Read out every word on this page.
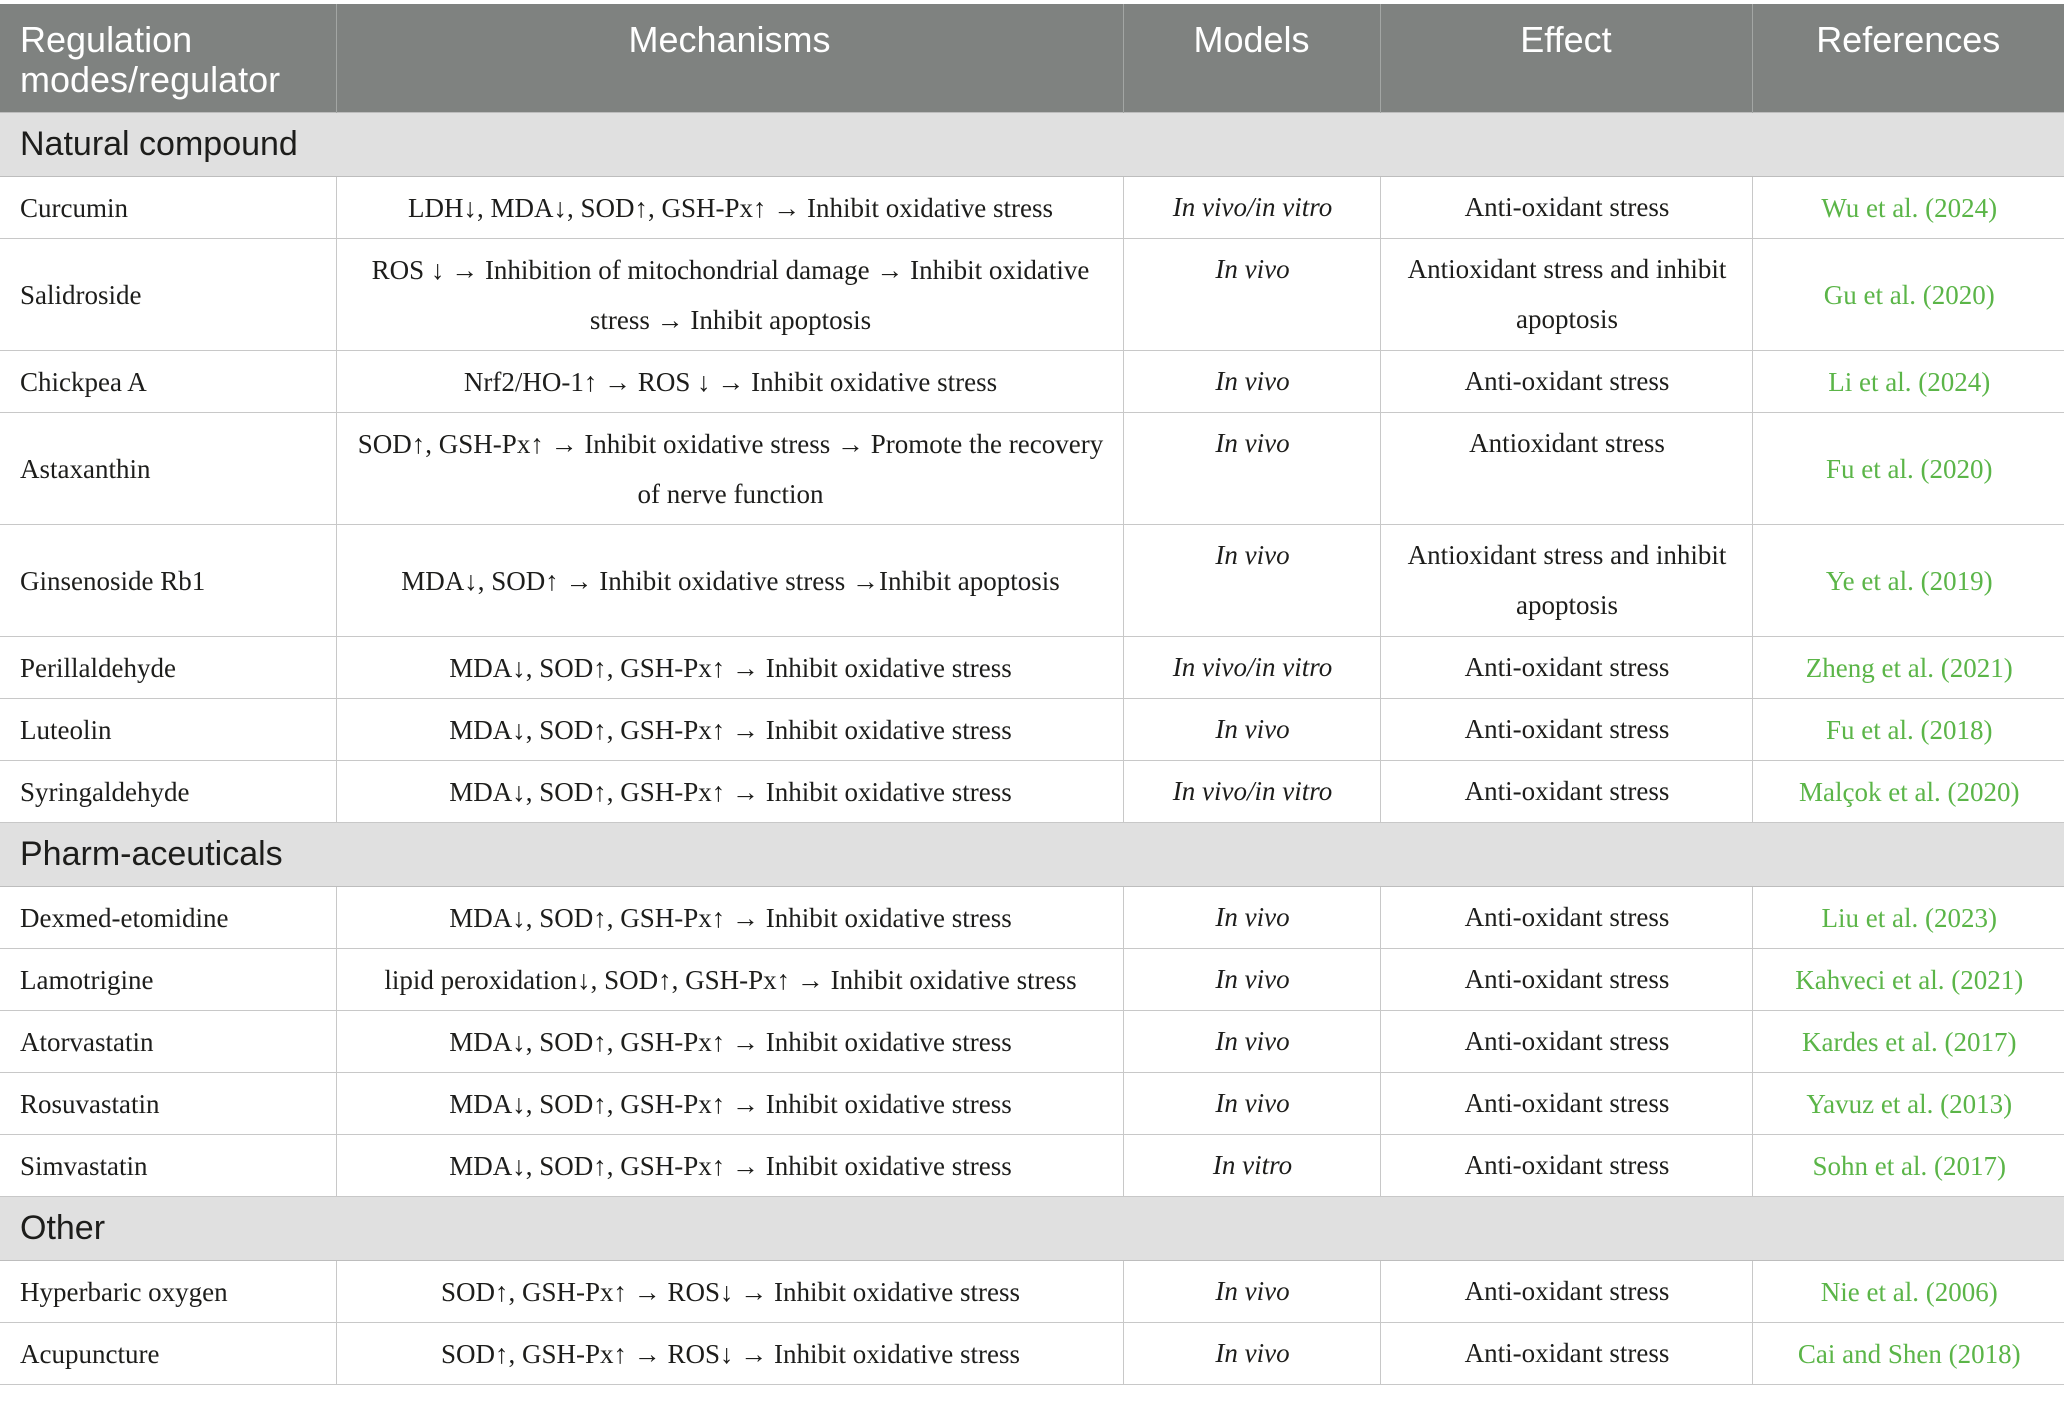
Regulation modes/regulator	Mechanisms	Models	Effect	References
Natural compound				
Curcumin	LDH↓, MDA↓, SOD↑, GSH-Px↑ → Inhibit oxidative stress	In vivo/in vitro	Anti-oxidant stress	Wu et al. (2024)
Salidroside	ROS ↓ → Inhibition of mitochondrial damage → Inhibit oxidative stress → Inhibit apoptosis	In vivo	Antioxidant stress and inhibit apoptosis	Gu et al. (2020)
Chickpea A	Nrf2/HO-1↑ → ROS ↓ → Inhibit oxidative stress	In vivo	Anti-oxidant stress	Li et al. (2024)
Astaxanthin	SOD↑, GSH-Px↑ → Inhibit oxidative stress → Promote the recovery of nerve function	In vivo	Antioxidant stress	Fu et al. (2020)
Ginsenoside Rb1	MDA↓, SOD↑ → Inhibit oxidative stress →Inhibit apoptosis	In vivo	Antioxidant stress and inhibit apoptosis	Ye et al. (2019)
Perillaldehyde	MDA↓, SOD↑, GSH-Px↑ → Inhibit oxidative stress	In vivo/in vitro	Anti-oxidant stress	Zheng et al. (2021)
Luteolin	MDA↓, SOD↑, GSH-Px↑ → Inhibit oxidative stress	In vivo	Anti-oxidant stress	Fu et al. (2018)
Syringaldehyde	MDA↓, SOD↑, GSH-Px↑ → Inhibit oxidative stress	In vivo/in vitro	Anti-oxidant stress	Malçok et al. (2020)
Pharm-aceuticals				
Dexmed-etomidine	MDA↓, SOD↑, GSH-Px↑ → Inhibit oxidative stress	In vivo	Anti-oxidant stress	Liu et al. (2023)
Lamotrigine	lipid peroxidation↓, SOD↑, GSH-Px↑ → Inhibit oxidative stress	In vivo	Anti-oxidant stress	Kahveci et al. (2021)
Atorvastatin	MDA↓, SOD↑, GSH-Px↑ → Inhibit oxidative stress	In vivo	Anti-oxidant stress	Kardes et al. (2017)
Rosuvastatin	MDA↓, SOD↑, GSH-Px↑ → Inhibit oxidative stress	In vivo	Anti-oxidant stress	Yavuz et al. (2013)
Simvastatin	MDA↓, SOD↑, GSH-Px↑ → Inhibit oxidative stress	In vitro	Anti-oxidant stress	Sohn et al. (2017)
Other				
Hyperbaric oxygen	SOD↑, GSH-Px↑ → ROS↓ → Inhibit oxidative stress	In vivo	Anti-oxidant stress	Nie et al. (2006)
Acupuncture	SOD↑, GSH-Px↑ → ROS↓ → Inhibit oxidative stress	In vivo	Anti-oxidant stress	Cai and Shen (2018)
